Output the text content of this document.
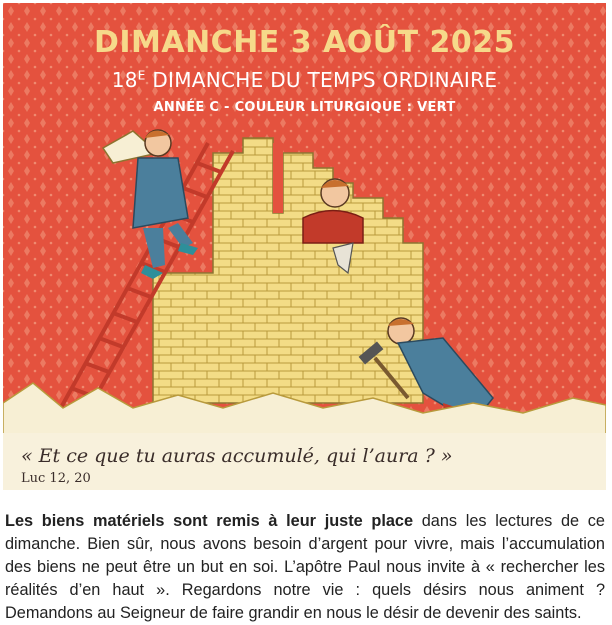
DIMANCHE 3 AOÛT 2025
$18^E$ DIMANCHE DU TEMPS ORDINAIRE
ANNÉE C - COULEUR LITURGIQUE : VERT
« Et ce que tu auras accumulé, qui l’aura ? »
Luc 12, 20
Les biens matériels sont remis à leur juste place dans les lectures de ce dimanche. Bien sûr, nous avons besoin d’argent pour vivre, mais l’accumulation des biens ne peut être un but en soi. L’apôtre Paul nous invite à « rechercher les réalités d’en haut ». Regardons notre vie : quels désirs nous animent ? Demandons au Seigneur de faire grandir en nous le désir de devenir des saints.
